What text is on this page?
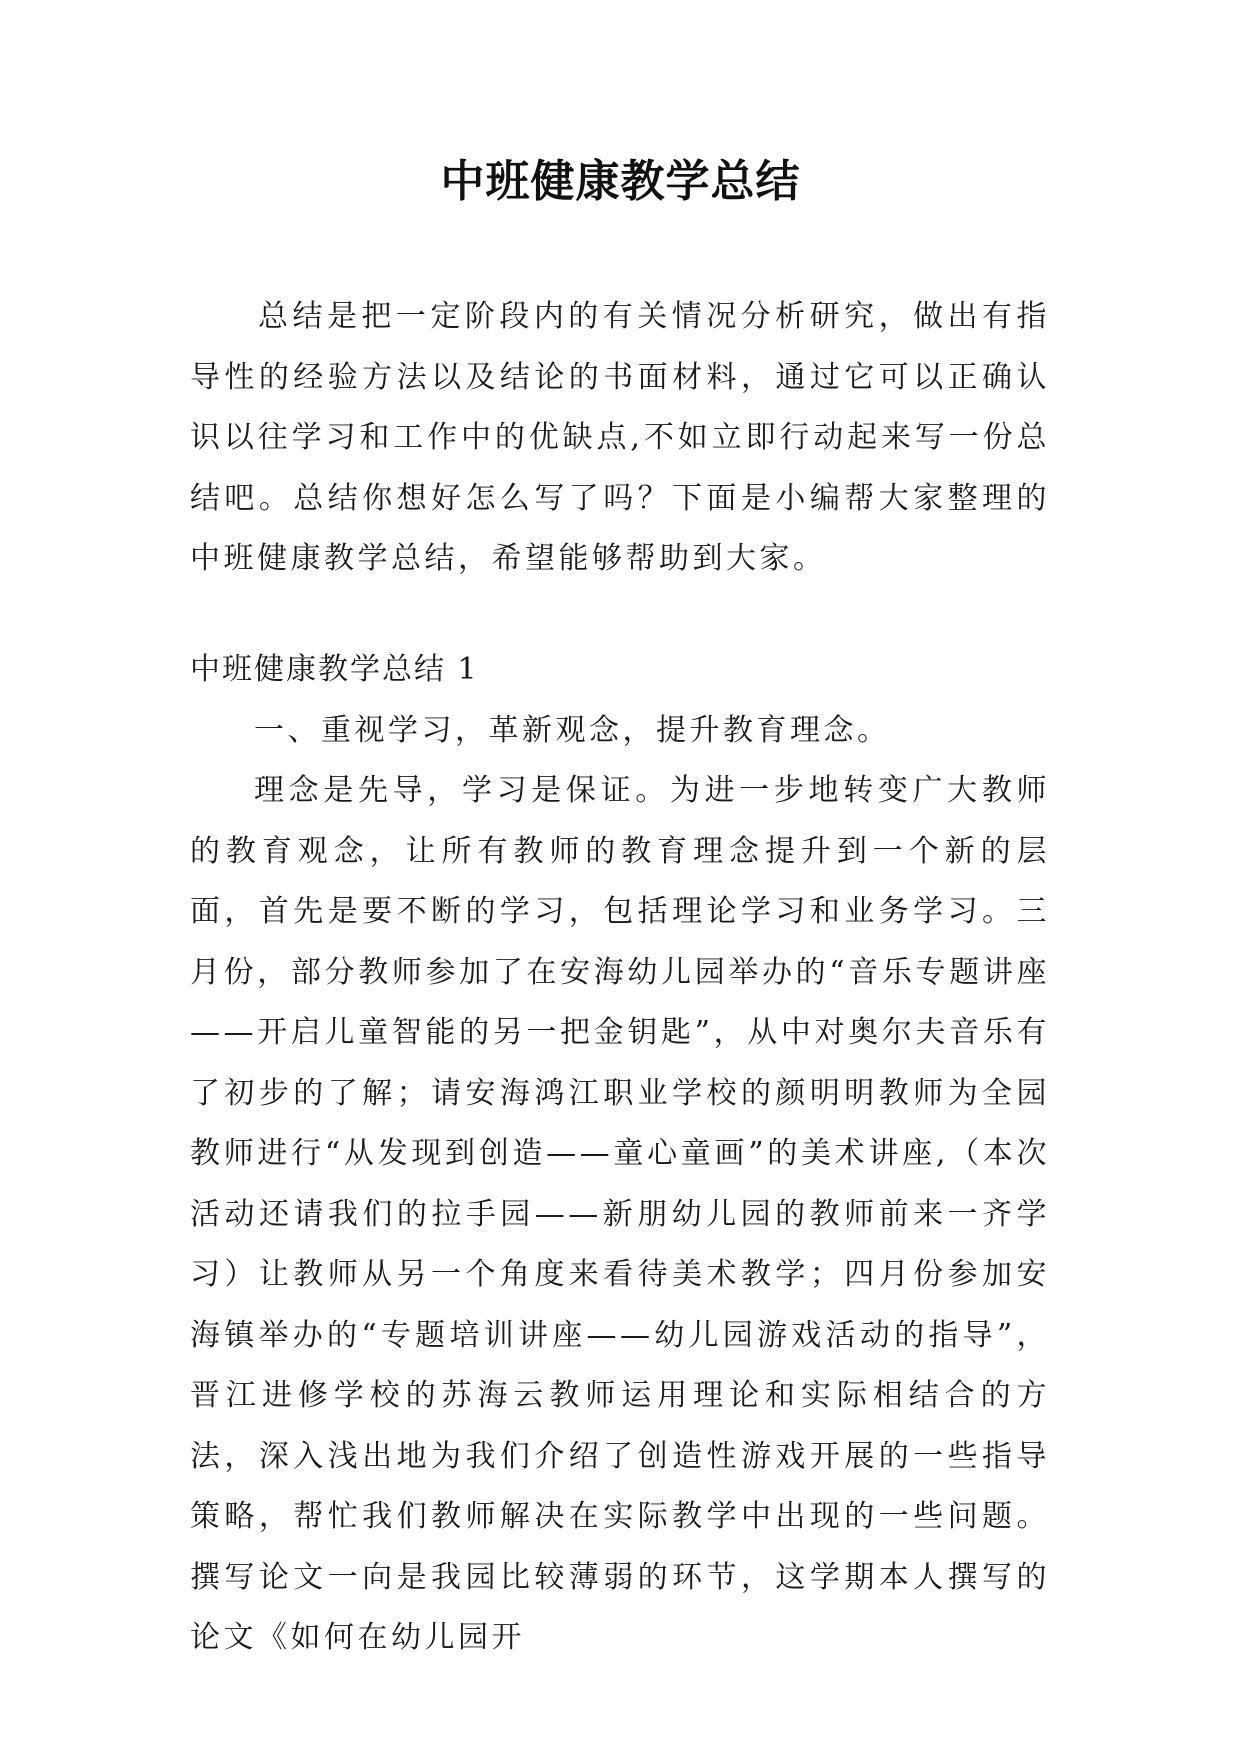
中班健康教学总结
总结是把一定阶段内的有关情况分析研究，做出有指导性的经验方法以及结论的书面材料，通过它可以正确认识以往学习和工作中的优缺点,不如立即行动起来写一份总结吧。总结你想好怎么写了吗？下面是小编帮大家整理的中班健康教学总结，希望能够帮助到大家。

中班健康教学总结 1

一、重视学习，革新观念，提升教育理念。

理念是先导，学习是保证。为进一步地转变广大教师的教育观念，让所有教师的教育理念提升到一个新的层面，首先是要不断的学习，包括理论学习和业务学习。三月份，部分教师参加了在安海幼儿园举办的“音乐专题讲座——开启儿童智能的另一把金钥匙”，从中对奥尔夫音乐有了初步的了解；请安海鸿江职业学校的颜明明教师为全园教师进行“从发现到创造——童心童画”的美术讲座,（本次活动还请我们的拉手园——新朋幼儿园的教师前来一齐学习）让教师从另一个角度来看待美术教学；四月份参加安海镇举办的“专题培训讲座——幼儿园游戏活动的指导”，晋江进修学校的苏海云教师运用理论和实际相结合的方法，深入浅出地为我们介绍了创造性游戏开展的一些指导策略，帮忙我们教师解决在实际教学中出现的一些问题。撰写论文一向是我园比较薄弱的环节，这学期本人撰写的论文《如何在幼儿园开
